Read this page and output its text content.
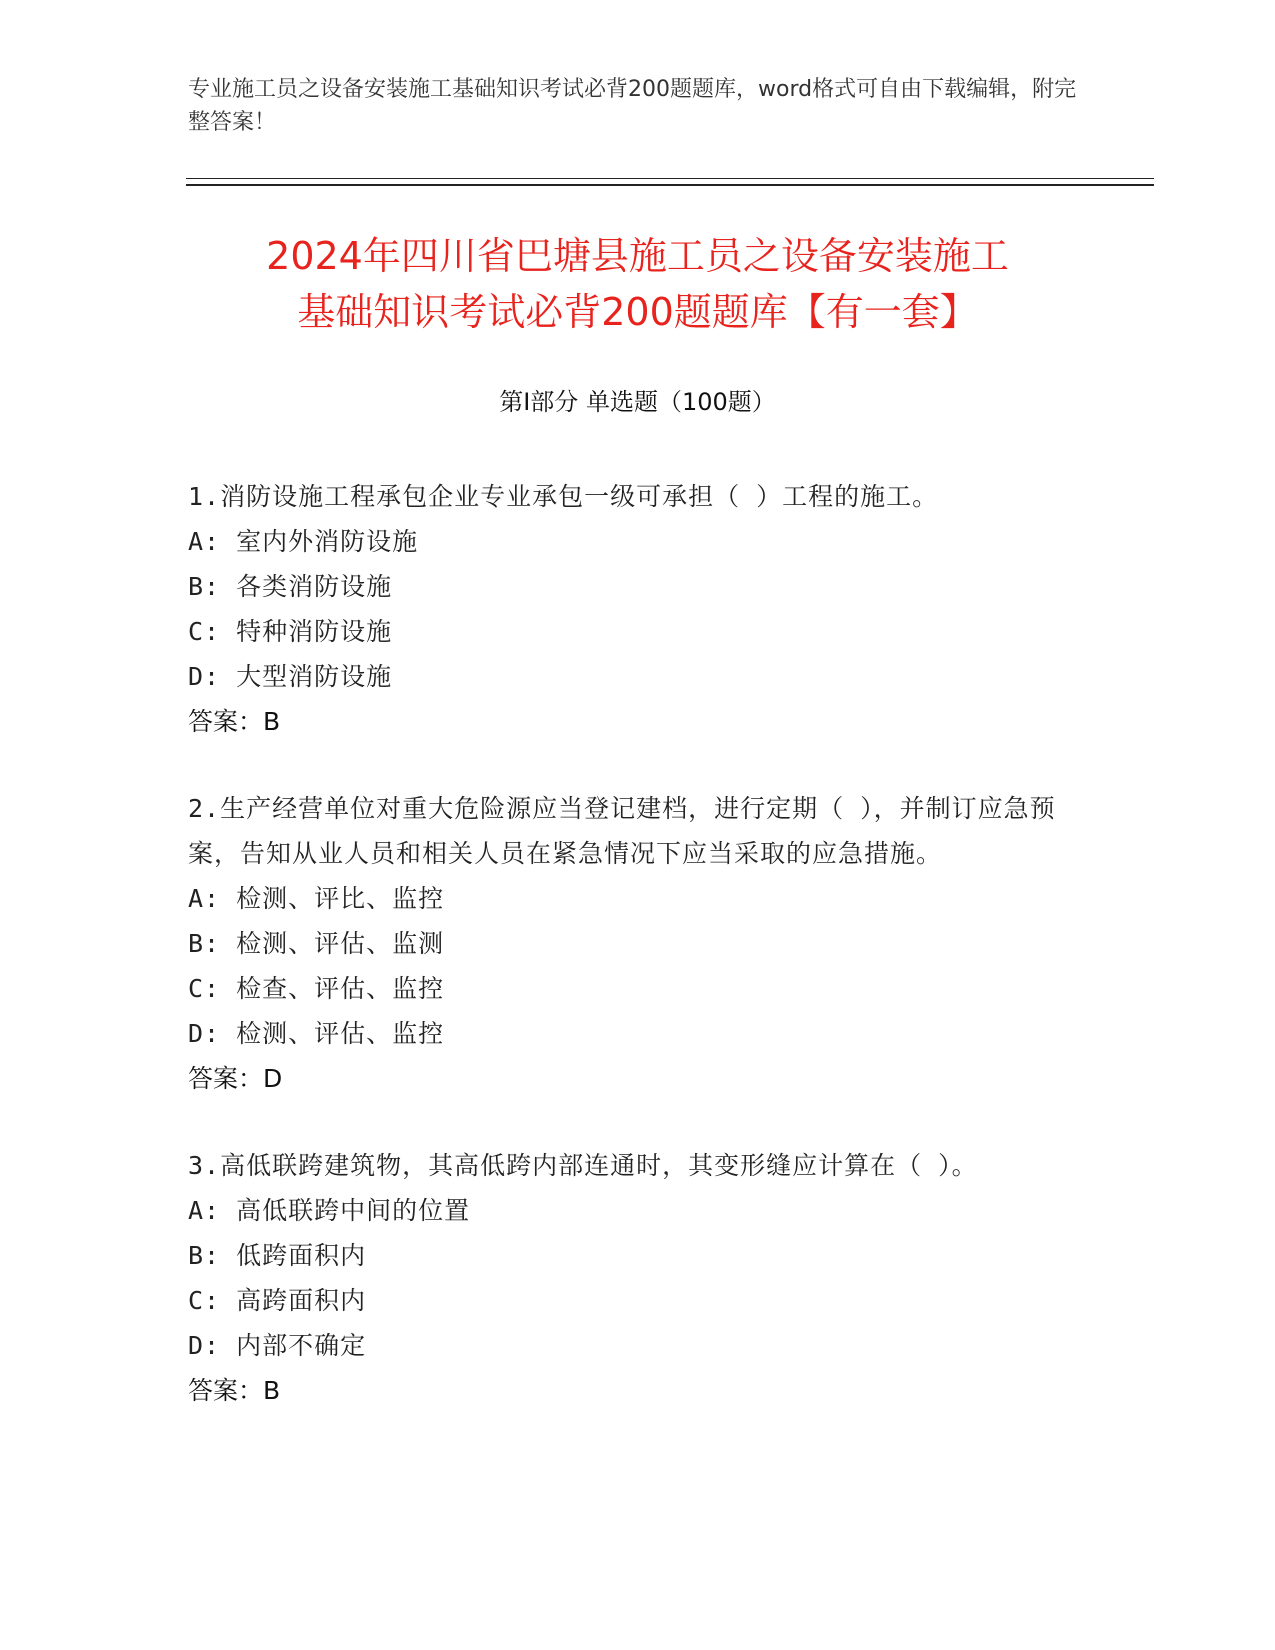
专业施工员之设备安装施工基础知识考试必背200题题库，word格式可自由下载编辑，附完整答案！
2024年四川省巴塘县施工员之设备安装施工
基础知识考试必背200题题库【有一套】
第Ⅰ部分 单选题（100题）
1.消防设施工程承包企业专业承包一级可承担（ ）工程的施工。
A: 室内外消防设施
B: 各类消防设施
C: 特种消防设施
D: 大型消防设施
答案：B
2.生产经营单位对重大危险源应当登记建档，进行定期（ ），并制订应急预案，告知从业人员和相关人员在紧急情况下应当采取的应急措施。
A: 检测、评比、监控
B: 检测、评估、监测
C: 检查、评估、监控
D: 检测、评估、监控
答案：D
3.高低联跨建筑物，其高低跨内部连通时，其变形缝应计算在（ ）。
A: 高低联跨中间的位置
B: 低跨面积内
C: 高跨面积内
D: 内部不确定
答案：B
